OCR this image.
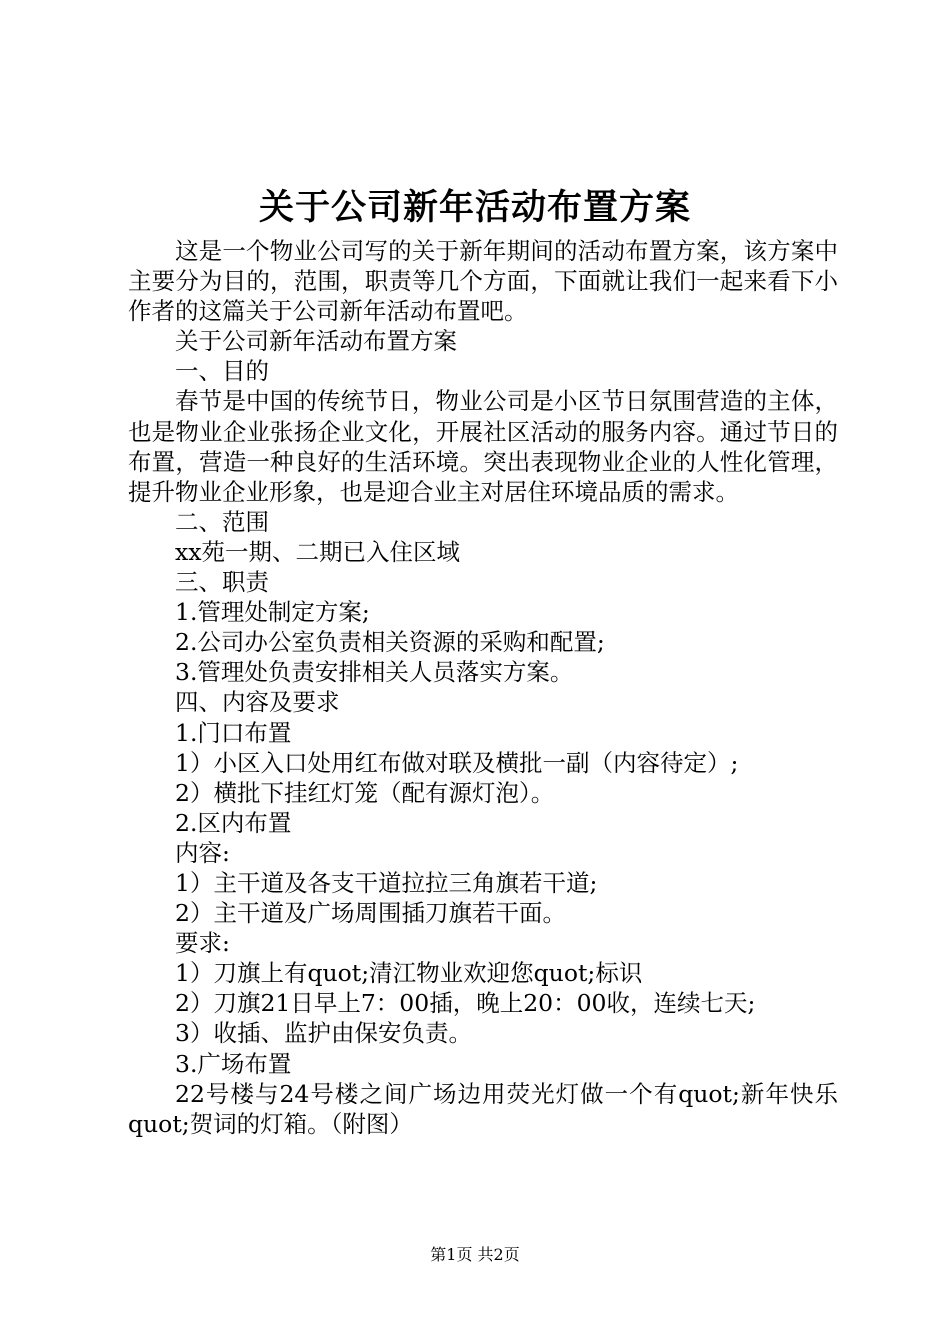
关于公司新年活动布置方案

这是一个物业公司写的关于新年期间的活动布置方案，该方案中主要分为目的，范围，职责等几个方面，下面就让我们一起来看下小作者的这篇关于公司新年活动布置吧。

关于公司新年活动布置方案

一、目的

春节是中国的传统节日，物业公司是小区节日氛围营造的主体，也是物业企业张扬企业文化，开展社区活动的服务内容。通过节日的布置，营造一种良好的生活环境。突出表现物业企业的人性化管理，提升物业企业形象，也是迎合业主对居住环境品质的需求。

二、范围

xx苑一期、二期已入住区域

三、职责

1.管理处制定方案;

2.公司办公室负责相关资源的采购和配置;

3.管理处负责安排相关人员落实方案。

四、内容及要求

1.门口布置

1）小区入口处用红布做对联及横批一副（内容待定）;

2）横批下挂红灯笼（配有源灯泡）。

2.区内布置

内容:

1）主干道及各支干道拉拉三角旗若干道;

2）主干道及广场周围插刀旗若干面。

要求:

1）刀旗上有quot;清江物业欢迎您quot;标识

2）刀旗21日早上7：00插，晚上20：00收，连续七天;

3）收插、监护由保安负责。

3.广场布置

22号楼与24号楼之间广场边用荧光灯做一个有quot;新年快乐quot;贺词的灯箱。（附图）

第1页 共2页
